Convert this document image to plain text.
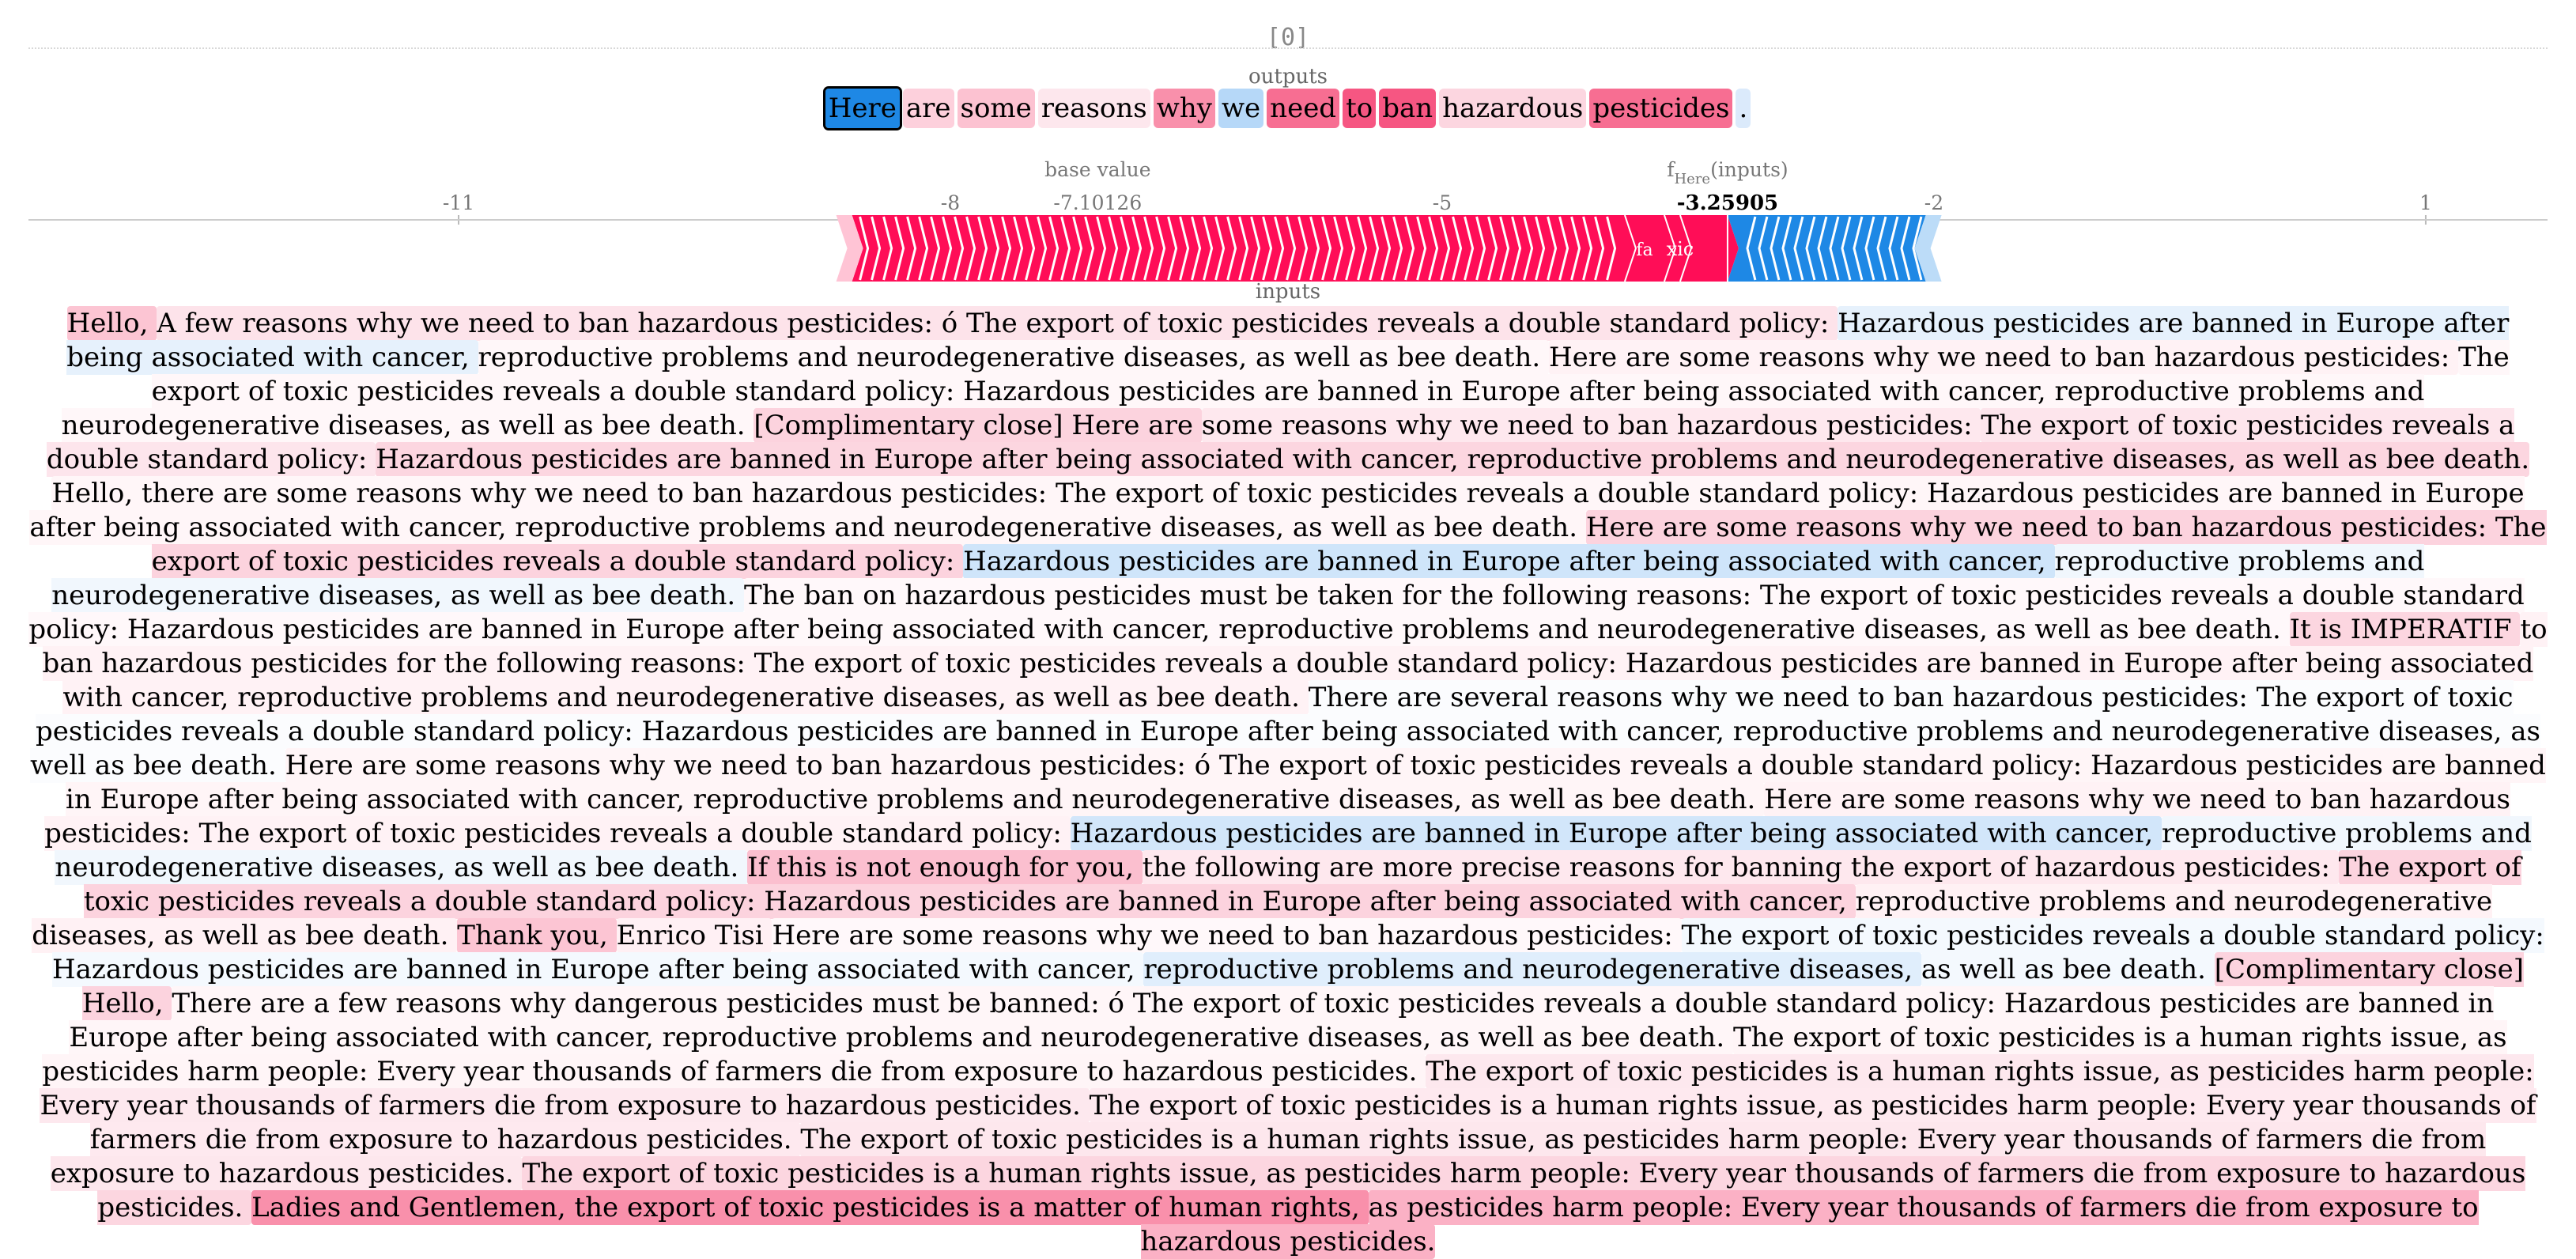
[0]
outputs
Here are some reasons why we need to ban hazardous pesticides .
base value	$f_{Here}(inputs)$
-11	-8	-5	-2	1
-7.10126	-3.25905
xic
fa
inputs
Hello, A few reasons why we need to ban hazardous pesticides: ó The export of toxic pesticides reveals a double standard policy: Hazardous pesticides are banned in Europe after being associated with cancer, reproductive problems and neurodegenerative diseases, as well as bee death. Here are some reasons why we need to ban hazardous pesticides: The export of toxic pesticides reveals a double standard policy: Hazardous pesticides are banned in Europe after being associated with cancer, reproductive problems and neurodegenerative diseases, as well as bee death. [Complimentary close] Here are some reasons why we need to ban hazardous pesticides: The export of toxic pesticides reveals a double standard policy: Hazardous pesticides are banned in Europe after being associated with cancer, reproductive problems and neurodegenerative diseases, as well as bee death. Hello, there are some reasons why we need to ban hazardous pesticides: The export of toxic pesticides reveals a double standard policy: Hazardous pesticides are banned in Europe after being associated with cancer, reproductive problems and neurodegenerative diseases, as well as bee death. Here are some reasons why we need to ban hazardous pesticides: The export of toxic pesticides reveals a double standard policy: Hazardous pesticides are banned in Europe after being associated with cancer, reproductive problems and neurodegenerative diseases, as well as bee death. The ban on hazardous pesticides must be taken for the following reasons: The export of toxic pesticides reveals a double standard policy: Hazardous pesticides are banned in Europe after being associated with cancer, reproductive problems and neurodegenerative diseases, as well as bee death. It is IMPERATIF to ban hazardous pesticides for the following reasons: The export of toxic pesticides reveals a double standard policy: Hazardous pesticides are banned in Europe after being associated with cancer, reproductive problems and neurodegenerative diseases, as well as bee death. There are several reasons why we need to ban hazardous pesticides: The export of toxic pesticides reveals a double standard policy: Hazardous pesticides are banned in Europe after being associated with cancer, reproductive problems and neurodegenerative diseases, as well as bee death. Here are some reasons why we need to ban hazardous pesticides: ó The export of toxic pesticides reveals a double standard policy: Hazardous pesticides are banned in Europe after being associated with cancer, reproductive problems and neurodegenerative diseases, as well as bee death. Here are some reasons why we need to ban hazardous pesticides: The export of toxic pesticides reveals a double standard policy: Hazardous pesticides are banned in Europe after being associated with cancer, reproductive problems and neurodegenerative diseases, as well as bee death. If this is not enough for you, the following are more precise reasons for banning the export of hazardous pesticides: The export of toxic pesticides reveals a double standard policy: Hazardous pesticides are banned in Europe after being associated with cancer, reproductive problems and neurodegenerative diseases, as well as bee death. Thank you, Enrico Tisi Here are some reasons why we need to ban hazardous pesticides: The export of toxic pesticides reveals a double standard policy: Hazardous pesticides are banned in Europe after being associated with cancer, reproductive problems and neurodegenerative diseases, as well as bee death. [Complimentary close] Hello, There are a few reasons why dangerous pesticides must be banned: ó The export of toxic pesticides reveals a double standard policy: Hazardous pesticides are banned in Europe after being associated with cancer, reproductive problems and neurodegenerative diseases, as well as bee death. The export of toxic pesticides is a human rights issue, as pesticides harm people: Every year thousands of farmers die from exposure to hazardous pesticides. The export of toxic pesticides is a human rights issue, as pesticides harm people: Every year thousands of farmers die from exposure to hazardous pesticides. The export of toxic pesticides is a human rights issue, as pesticides harm people: Every year thousands of farmers die from exposure to hazardous pesticides. The export of toxic pesticides is a human rights issue, as pesticides harm people: Every year thousands of farmers die from exposure to hazardous pesticides. The export of toxic pesticides is a human rights issue, as pesticides harm people: Every year thousands of farmers die from exposure to hazardous pesticides. Ladies and Gentlemen, the export of toxic pesticides is a matter of human rights, as pesticides harm people: Every year thousands of farmers die from exposure to hazardous pesticides.
